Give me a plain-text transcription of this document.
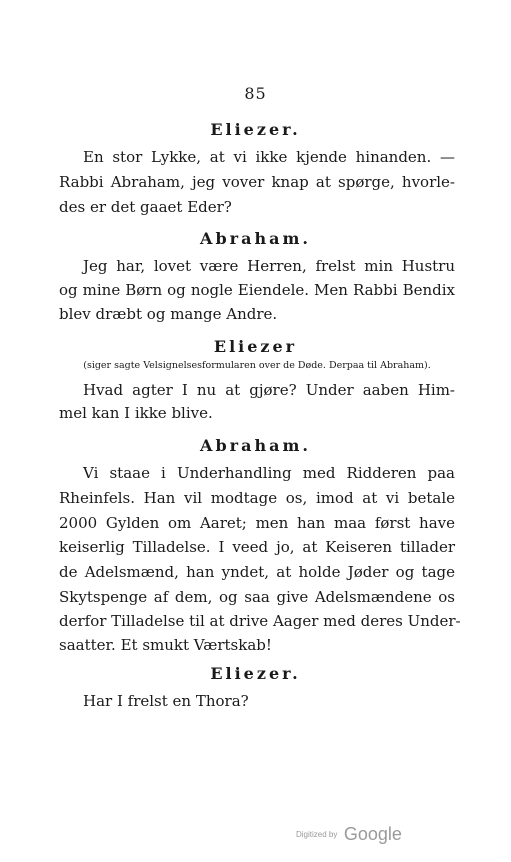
85
Eliezer.
En stor Lykke, at vi ikke kjende hinanden. —
Rabbi Abraham, jeg vover knap at spørge, hvorle-
des er det gaaet Eder?
Abraham.
Jeg har, lovet være Herren, frelst min Hustru
og mine Børn og nogle Eiendele. Men Rabbi Bendix
blev dræbt og mange Andre.
Eliezer
(siger sagte Velsignelsesformularen over de Døde. Derpaa til Abraham).
Hvad agter I nu at gjøre? Under aaben Him-
mel kan I ikke blive.
Abraham.
Vi staae i Underhandling med Ridderen paa
Rheinfels. Han vil modtage os, imod at vi betale
2000 Gylden om Aaret; men han maa først have
keiserlig Tilladelse. I veed jo, at Keiseren tillader
de Adelsmænd, han yndet, at holde Jøder og tage
Skytspenge af dem, og saa give Adelsmændene os
derfor Tilladelse til at drive Aager med deres Under-
saatter. Et smukt Værtskab!
Eliezer.
Har I frelst en Thora?
Digitized by Google
